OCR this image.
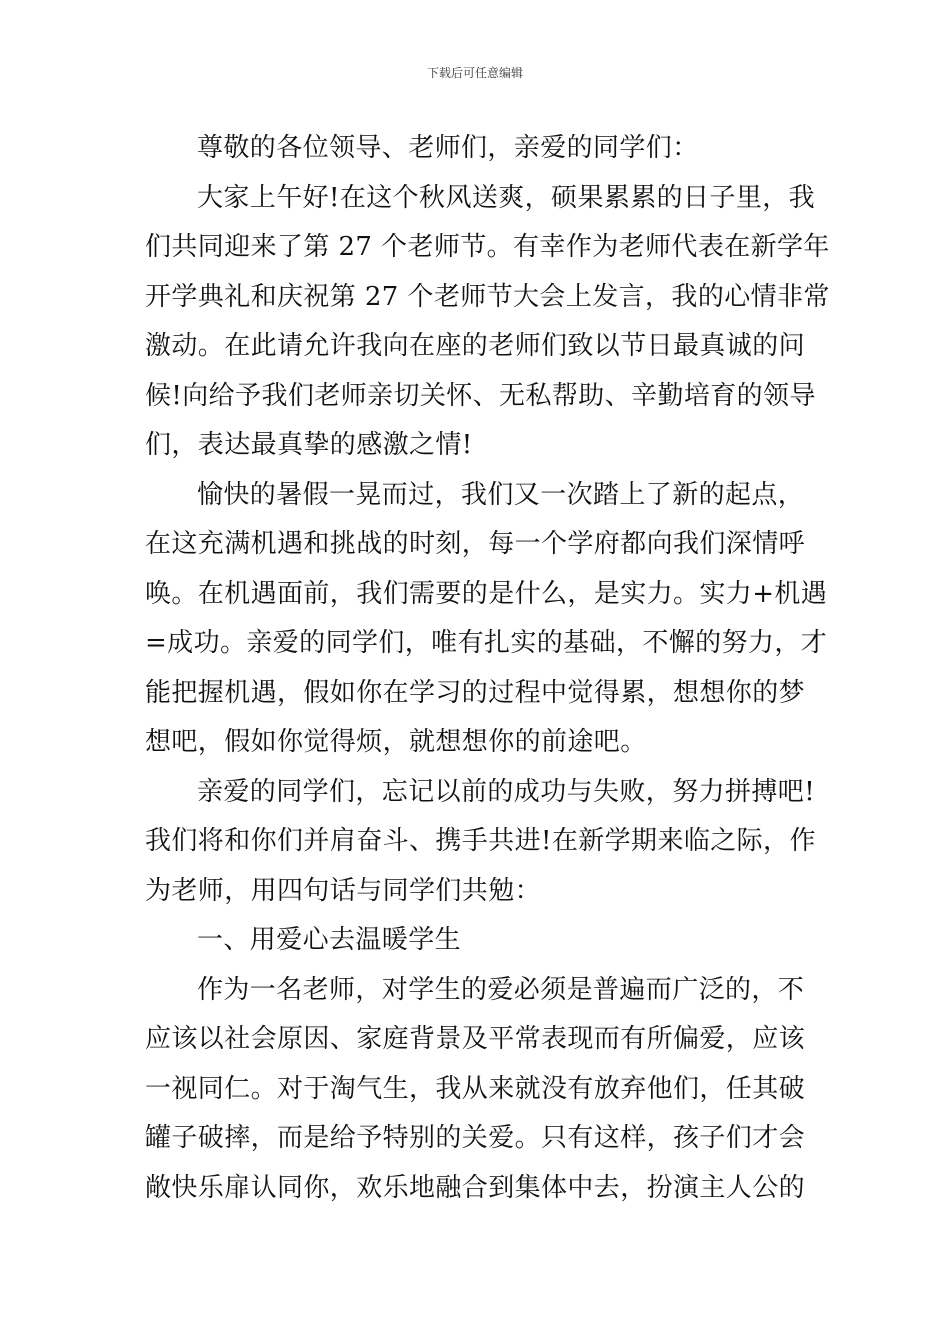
下载后可任意编辑
尊敬的各位领导、老师们，亲爱的同学们：
大家上午好!在这个秋风送爽，硕果累累的日子里，我
们共同迎来了第 27 个老师节。有幸作为老师代表在新学年
开学典礼和庆祝第 27 个老师节大会上发言，我的心情非常
激动。在此请允许我向在座的老师们致以节日最真诚的问
候!向给予我们老师亲切关怀、无私帮助、辛勤培育的领导
们，表达最真挚的感激之情!
愉快的暑假一晃而过，我们又一次踏上了新的起点，
在这充满机遇和挑战的时刻，每一个学府都向我们深情呼
唤。在机遇面前，我们需要的是什么，是实力。实力+机遇
=成功。亲爱的同学们，唯有扎实的基础，不懈的努力，才
能把握机遇，假如你在学习的过程中觉得累，想想你的梦
想吧，假如你觉得烦，就想想你的前途吧。
亲爱的同学们，忘记以前的成功与失败，努力拼搏吧!
我们将和你们并肩奋斗、携手共进!在新学期来临之际，作
为老师，用四句话与同学们共勉：
一、用爱心去温暖学生
作为一名老师，对学生的爱必须是普遍而广泛的，不
应该以社会原因、家庭背景及平常表现而有所偏爱，应该
一视同仁。对于淘气生，我从来就没有放弃他们，任其破
罐子破摔，而是给予特别的关爱。只有这样，孩子们才会
敞快乐扉认同你，欢乐地融合到集体中去，扮演主人公的
